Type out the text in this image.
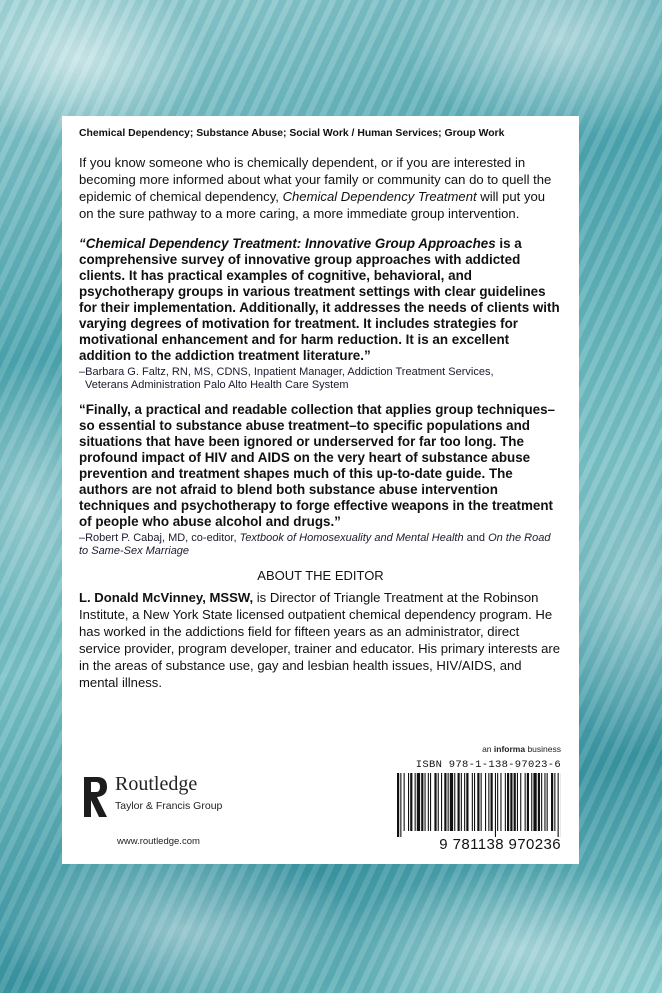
Chemical Dependency; Substance Abuse; Social Work / Human Services; Group Work

If you know someone who is chemically dependent, or if you are interested in becoming more informed about what your family or community can do to quell the epidemic of chemical dependency, Chemical Dependency Treatment will put you on the sure pathway to a more caring, a more immediate group intervention.

“Chemical Dependency Treatment: Innovative Group Approaches is a comprehensive survey of innovative group approaches with addicted clients. It has practical examples of cognitive, behavioral, and psychotherapy groups in various treatment settings with clear guidelines for their implementation. Additionally, it addresses the needs of clients with varying degrees of motivation for treatment. It includes strategies for motivational enhancement and for harm reduction. It is an excellent addition to the addiction treatment literature.”

–Barbara G. Faltz, RN, MS, CDNS, Inpatient Manager, Addiction Treatment Services,
Veterans Administration Palo Alto Health Care System

“Finally, a practical and readable collection that applies group techniques–so essential to substance abuse treatment–to specific populations and situations that have been ignored or underserved for far too long. The profound impact of HIV and AIDS on the very heart of substance abuse prevention and treatment shapes much of this up-to-date guide. The authors are not afraid to blend both substance abuse intervention techniques and psychotherapy to forge effective weapons in the treatment of people who abuse alcohol and drugs.”

–Robert P. Cabaj, MD, co-editor, Textbook of Homosexuality and Mental Health and On the Road to Same-Sex Marriage
ABOUT THE EDITOR

L. Donald McVinney, MSSW, is Director of Triangle Treatment at the Robinson Institute, a New York State licensed outpatient chemical dependency program. He has worked in the addictions field for fifteen years as an administrator, direct service provider, program developer, trainer and educator. His primary interests are in the areas of substance use, gay and lesbian health issues, HIV/AIDS, and mental illness.

ROUTLEDGE
Routledge
Taylor & Francis Group
www.routledge.com
an informa business
ISBN 978-1-138-97023-6
9 781138 970236
